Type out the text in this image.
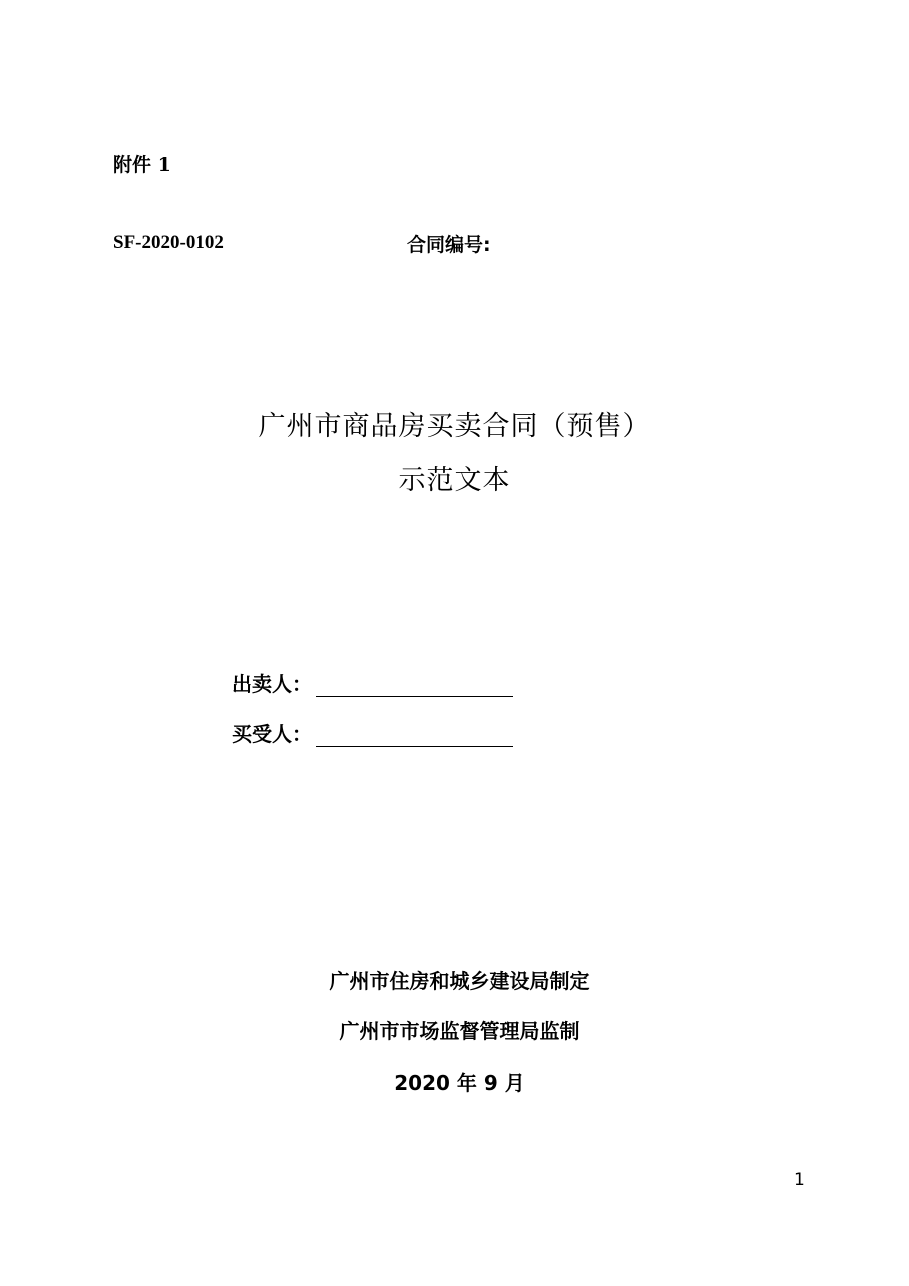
附件 1
SF-2020-0102	合同编号:
广州市商品房买卖合同（预售）
示范文本
出卖人：
买受人：
广州市住房和城乡建设局制定
广州市市场监督管理局监制
2020 年 9 月
1
